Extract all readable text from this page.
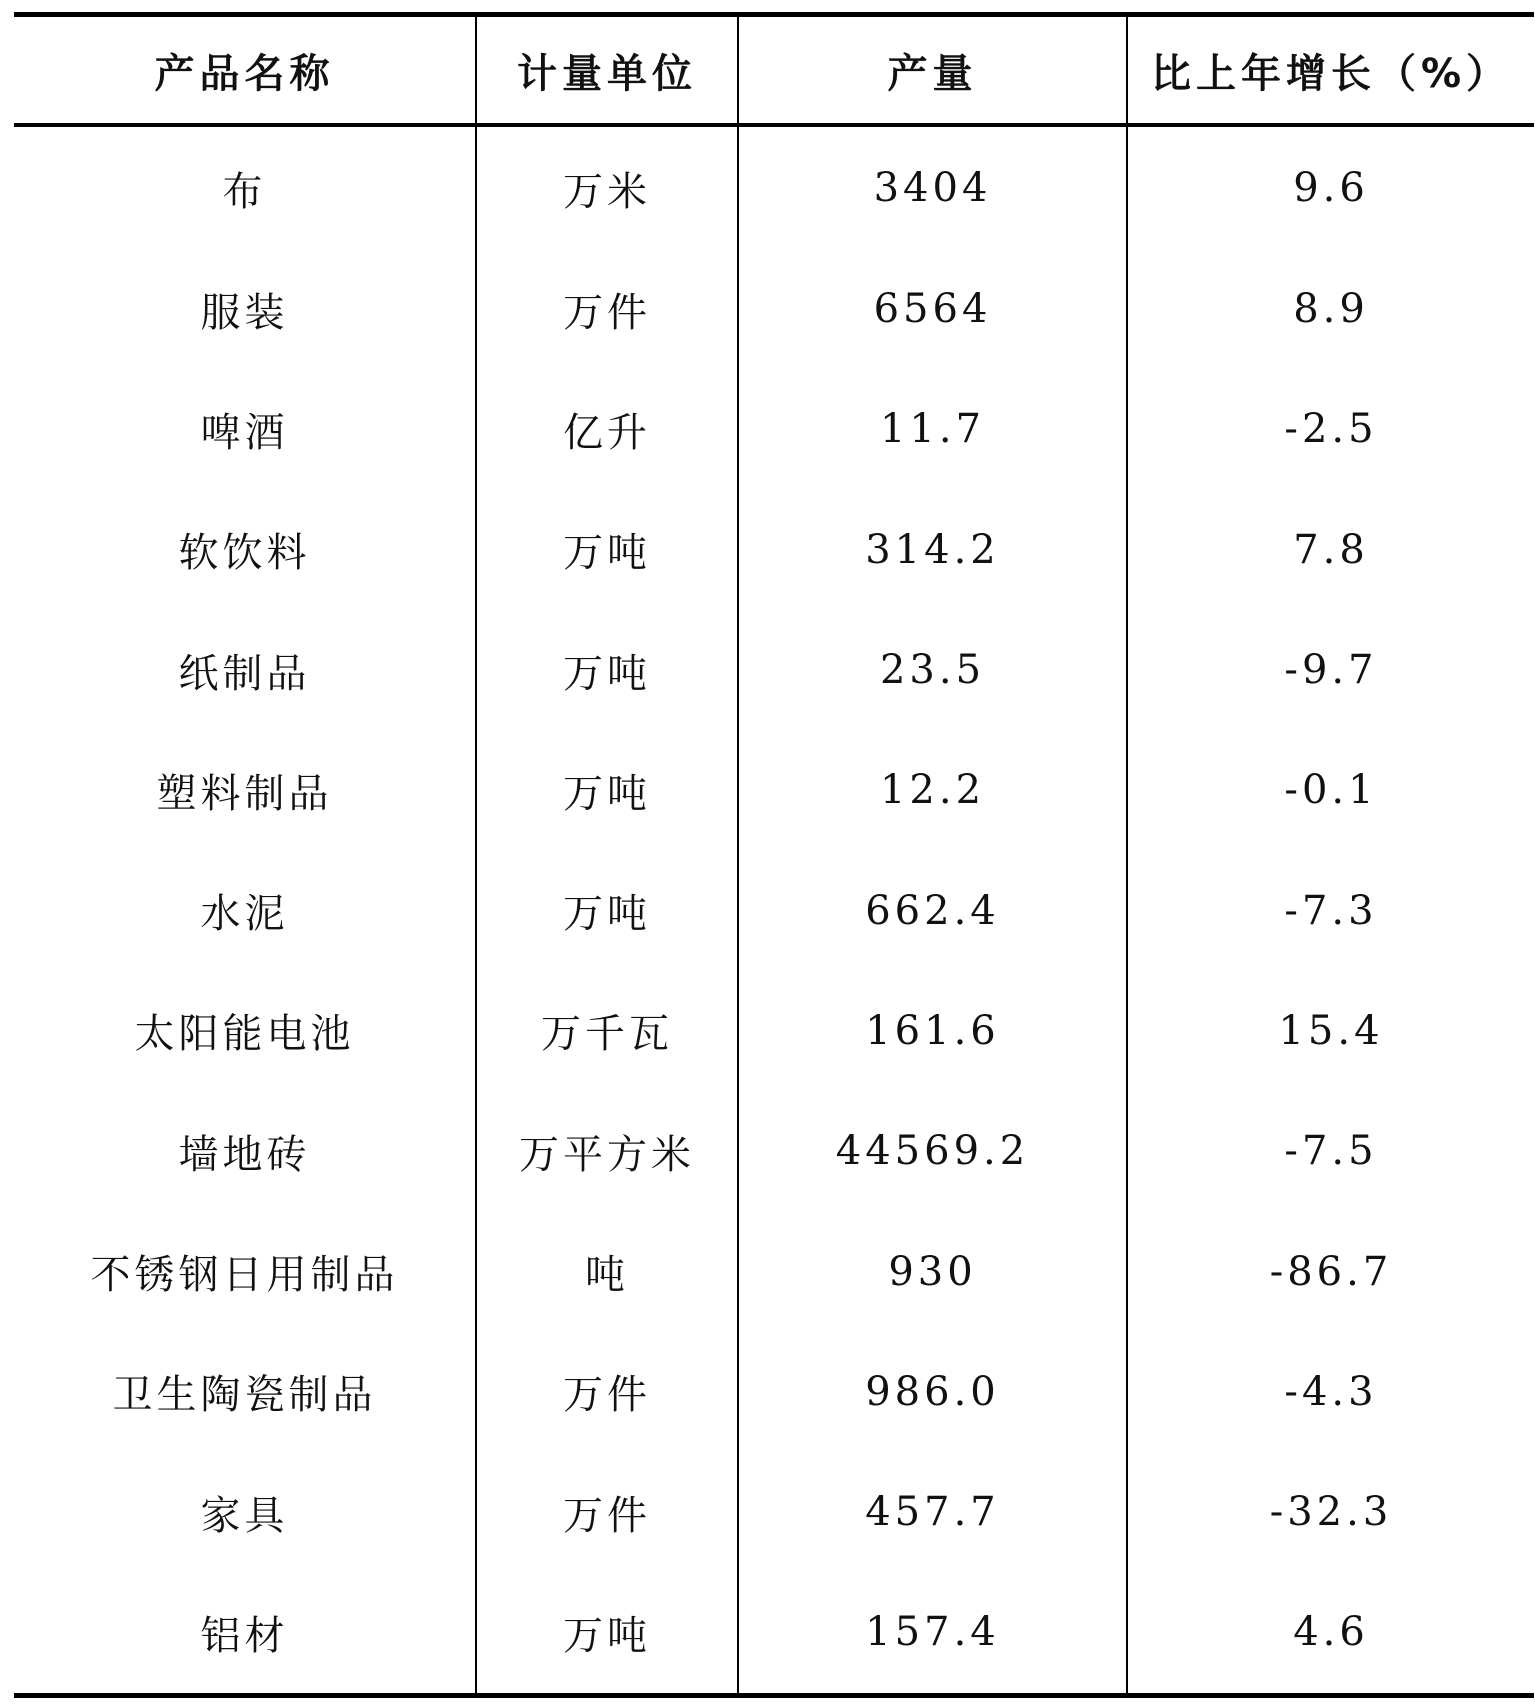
产品名称	计量单位	产量	比上年增长（%）
布	万米	3404	9.6
服装	万件	6564	8.9
啤酒	亿升	11.7	-2.5
软饮料	万吨	314.2	7.8
纸制品	万吨	23.5	-9.7
塑料制品	万吨	12.2	-0.1
水泥	万吨	662.4	-7.3
太阳能电池	万千瓦	161.6	15.4
墙地砖	万平方米	44569.2	-7.5
不锈钢日用制品	吨	930	-86.7
卫生陶瓷制品	万件	986.0	-4.3
家具	万件	457.7	-32.3
铝材	万吨	157.4	4.6
